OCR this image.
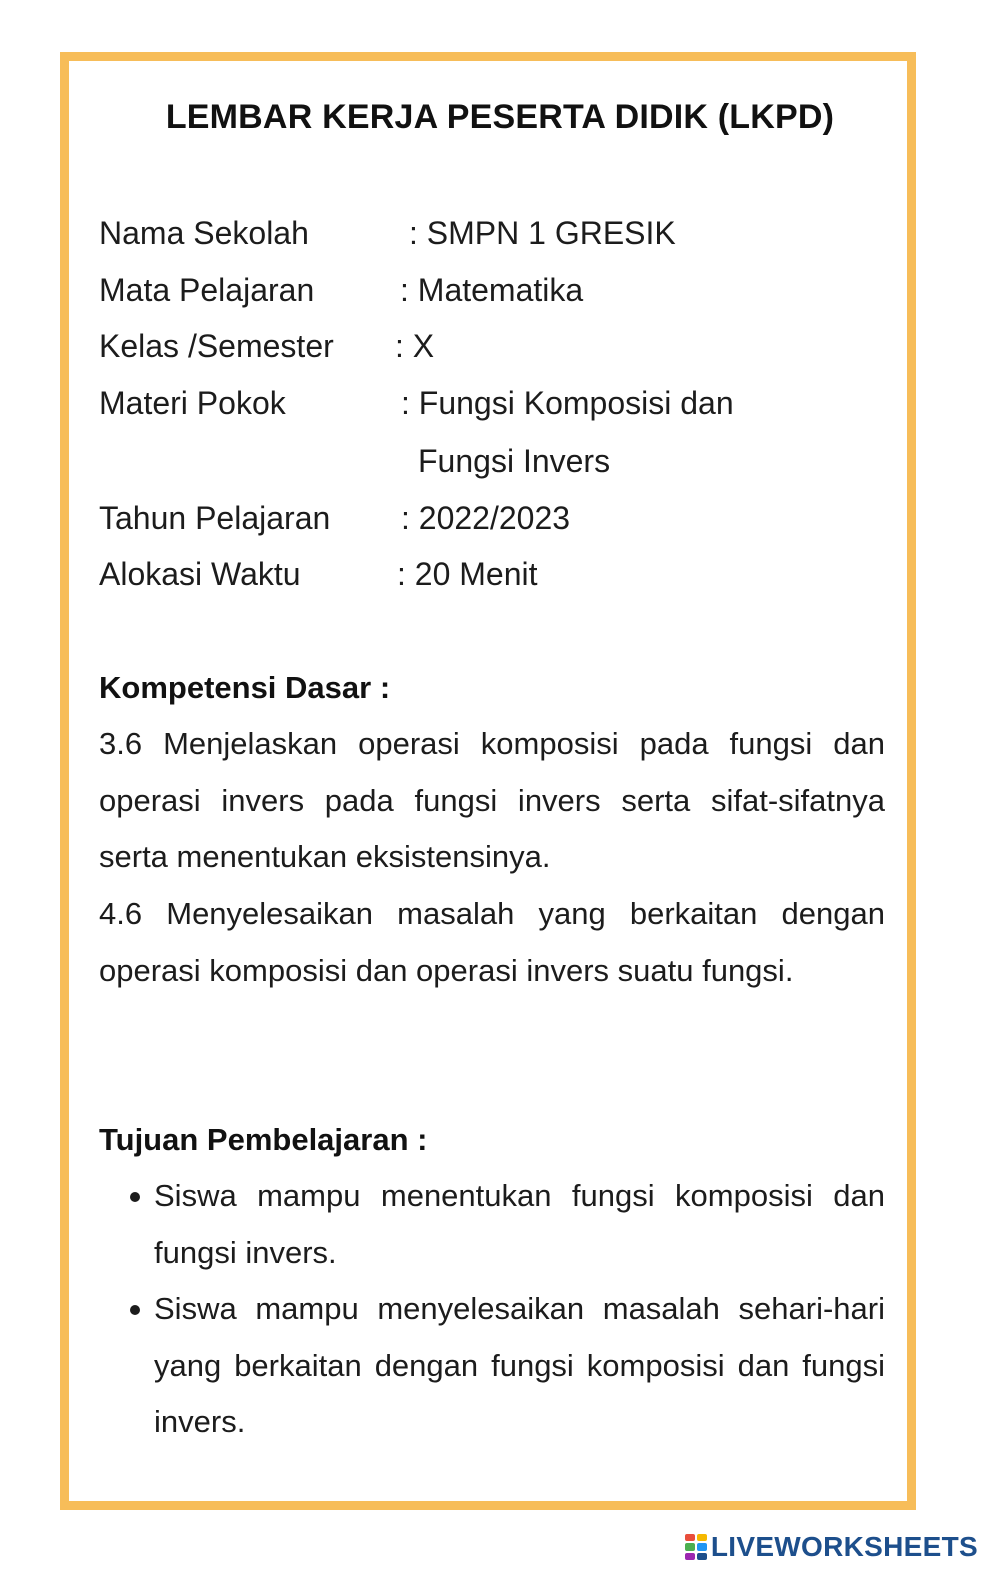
LEMBAR KERJA PESERTA DIDIK (LKPD)
Nama Sekolah	: SMPN 1 GRESIK
Mata Pelajaran	: Matematika
Kelas /Semester : X
Materi Pokok	: Fungsi Komposisi dan
Fungsi Invers
Tahun Pelajaran : 2022/2023
Alokasi Waktu	: 20 Menit
Kompetensi Dasar :
3.6 Menjelaskan operasi komposisi pada fungsi dan operasi invers pada fungsi invers serta sifat-sifatnya serta menentukan eksistensinya.
4.6 Menyelesaikan masalah yang berkaitan dengan operasi komposisi dan operasi invers suatu fungsi.
Tujuan Pembelajaran :
Siswa mampu menentukan fungsi komposisi dan fungsi invers.
Siswa mampu menyelesaikan masalah sehari-hari yang berkaitan dengan fungsi komposisi dan fungsi invers.
LIVEWORKSHEETS
